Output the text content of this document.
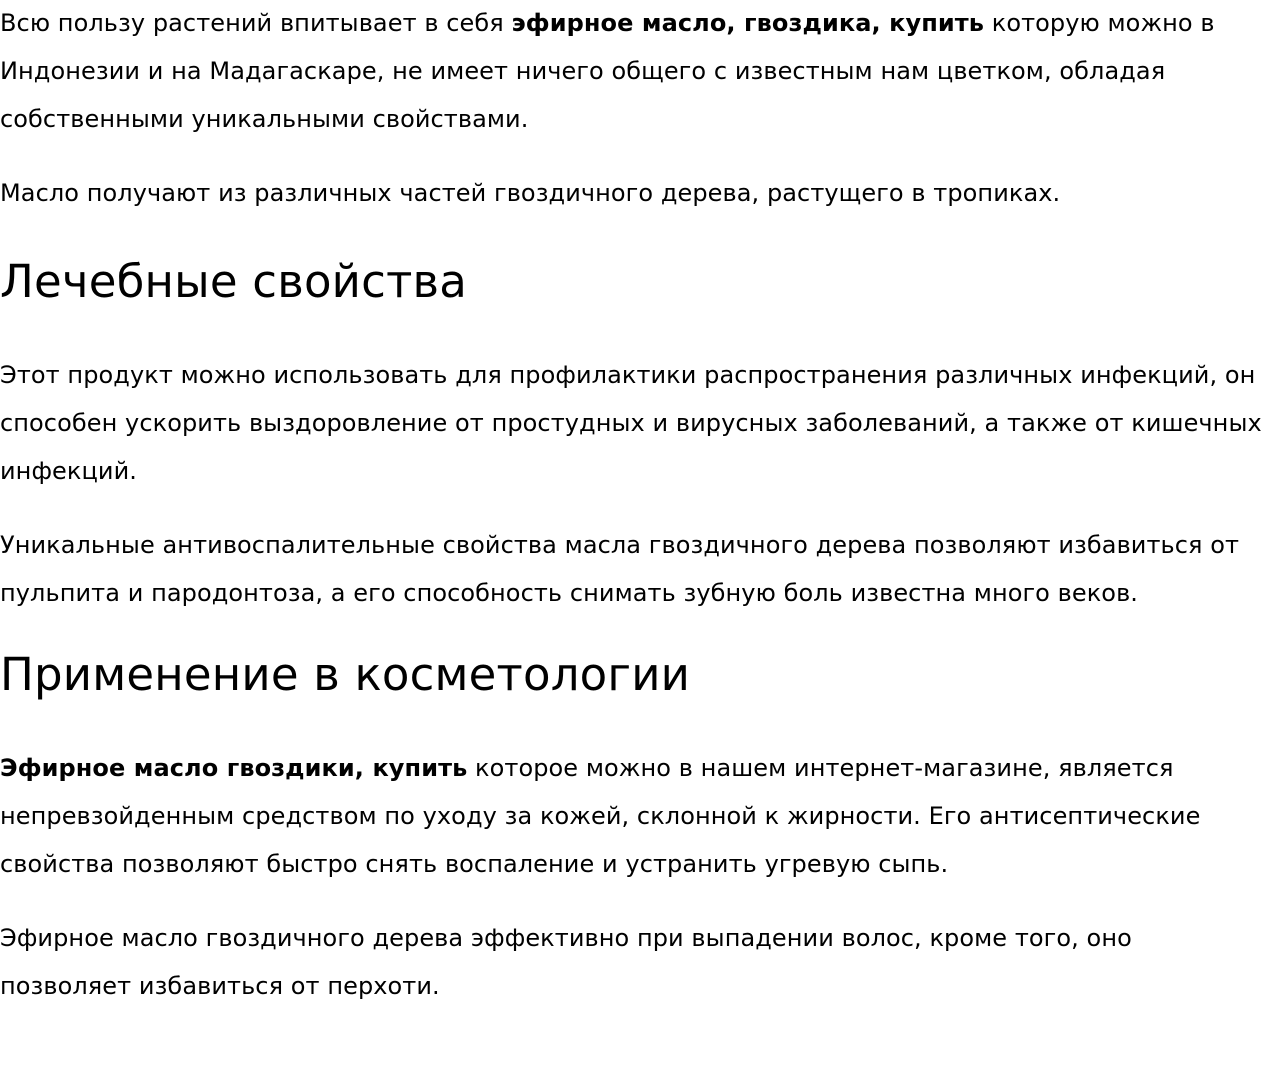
Всю пользу растений впитывает в себя эфирное масло, гвоздика, купить которую можно в Индонезии и на Мадагаскаре, не имеет ничего общего с известным нам цветком, обладая собственными уникальными свойствами.

Масло получают из различных частей гвоздичного дерева, растущего в тропиках.

Лечебные свойства

Этот продукт можно использовать для профилактики распространения различных инфекций, он способен ускорить выздоровление от простудных и вирусных заболеваний, а также от кишечных инфекций.

Уникальные антивоспалительные свойства масла гвоздичного дерева позволяют избавиться от пульпита и пародонтоза, а его способность снимать зубную боль известна много веков.

Применение в косметологии

Эфирное масло гвоздики, купить которое можно в нашем интернет-магазине, является непревзойденным средством по уходу за кожей, склонной к жирности. Его антисептические свойства позволяют быстро снять воспаление и устранить угревую сыпь.

Эфирное масло гвоздичного дерева эффективно при выпадении волос, кроме того, оно позволяет избавиться от перхоти.
